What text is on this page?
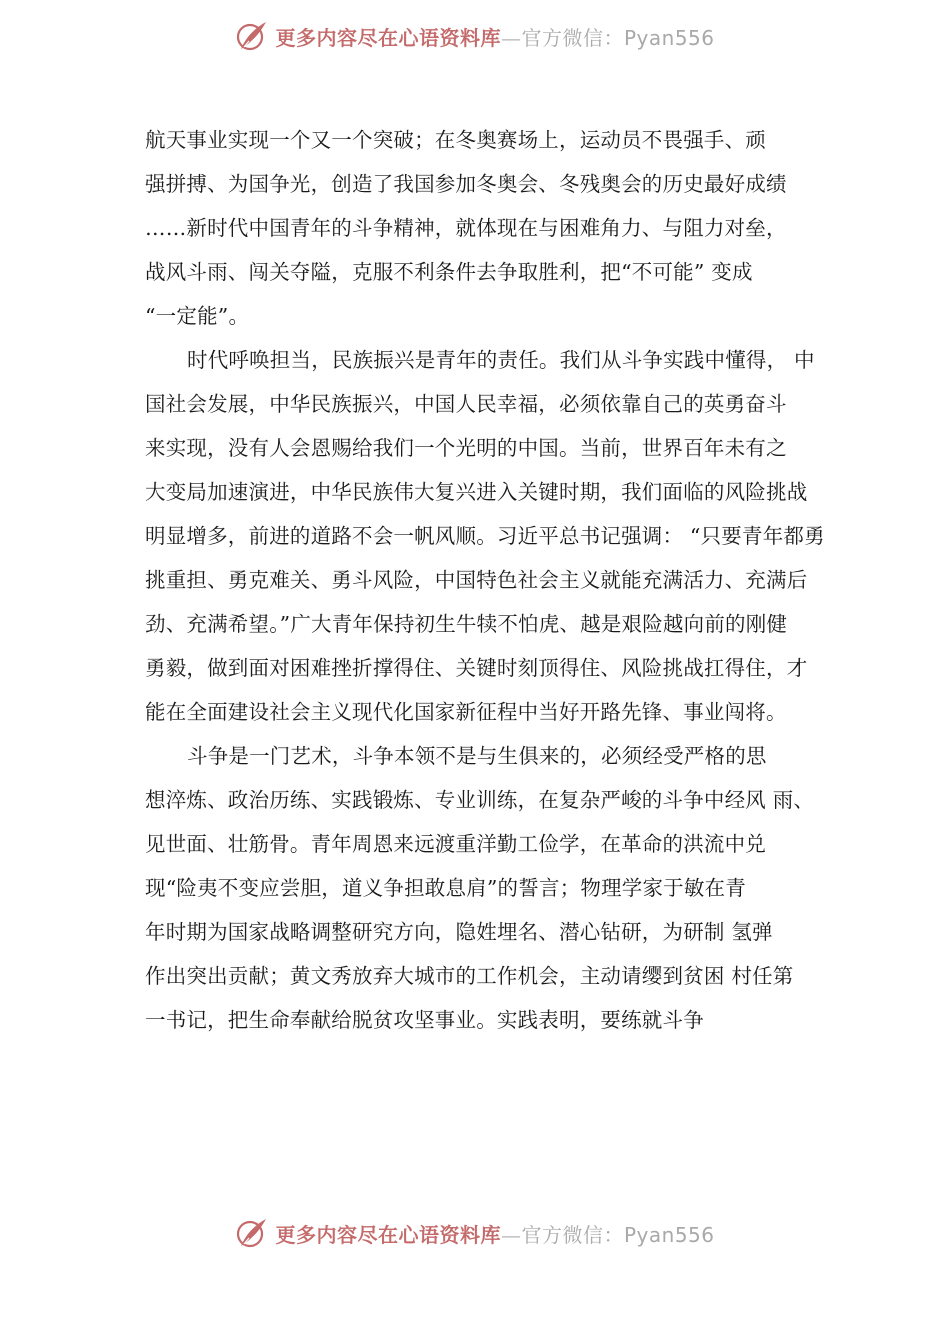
更多内容尽在心语资料库—官方微信：Pyan556
航天事业实现一个又一个突破；在冬奥赛场上，运动员不畏强手、顽
强拼搏、为国争光，创造了我国参加冬奥会、冬残奥会的历史最好成绩
……新时代中国青年的斗争精神，就体现在与困难角力、与阻力对垒，
战风斗雨、闯关夺隘，克服不利条件去争取胜利，把“不可能” 变成
“一定能”。
时代呼唤担当，民族振兴是青年的责任。我们从斗争实践中懂得， 中
国社会发展，中华民族振兴，中国人民幸福，必须依靠自己的英勇奋斗
来实现，没有人会恩赐给我们一个光明的中国。当前，世界百年未有之
大变局加速演进，中华民族伟大复兴进入关键时期，我们面临的风险挑战
明显增多，前进的道路不会一帆风顺。习近平总书记强调： “只要青年都勇
挑重担、勇克难关、勇斗风险，中国特色社会主义就能充满活力、充满后
劲、充满希望。”广大青年保持初生牛犊不怕虎、越是艰险越向前的刚健
勇毅，做到面对困难挫折撑得住、关键时刻顶得住、风险挑战扛得住，才
能在全面建设社会主义现代化国家新征程中当好开路先锋、事业闯将。
斗争是一门艺术，斗争本领不是与生俱来的，必须经受严格的思
想淬炼、政治历练、实践锻炼、专业训练，在复杂严峻的斗争中经风 雨、
见世面、壮筋骨。青年周恩来远渡重洋勤工俭学，在革命的洪流中兑
现“险夷不变应尝胆，道义争担敢息肩”的誓言；物理学家于敏在青
年时期为国家战略调整研究方向，隐姓埋名、潜心钻研，为研制 氢弹
作出突出贡献；黄文秀放弃大城市的工作机会，主动请缨到贫困 村任第
一书记，把生命奉献给脱贫攻坚事业。实践表明，要练就斗争
更多内容尽在心语资料库—官方微信：Pyan556
